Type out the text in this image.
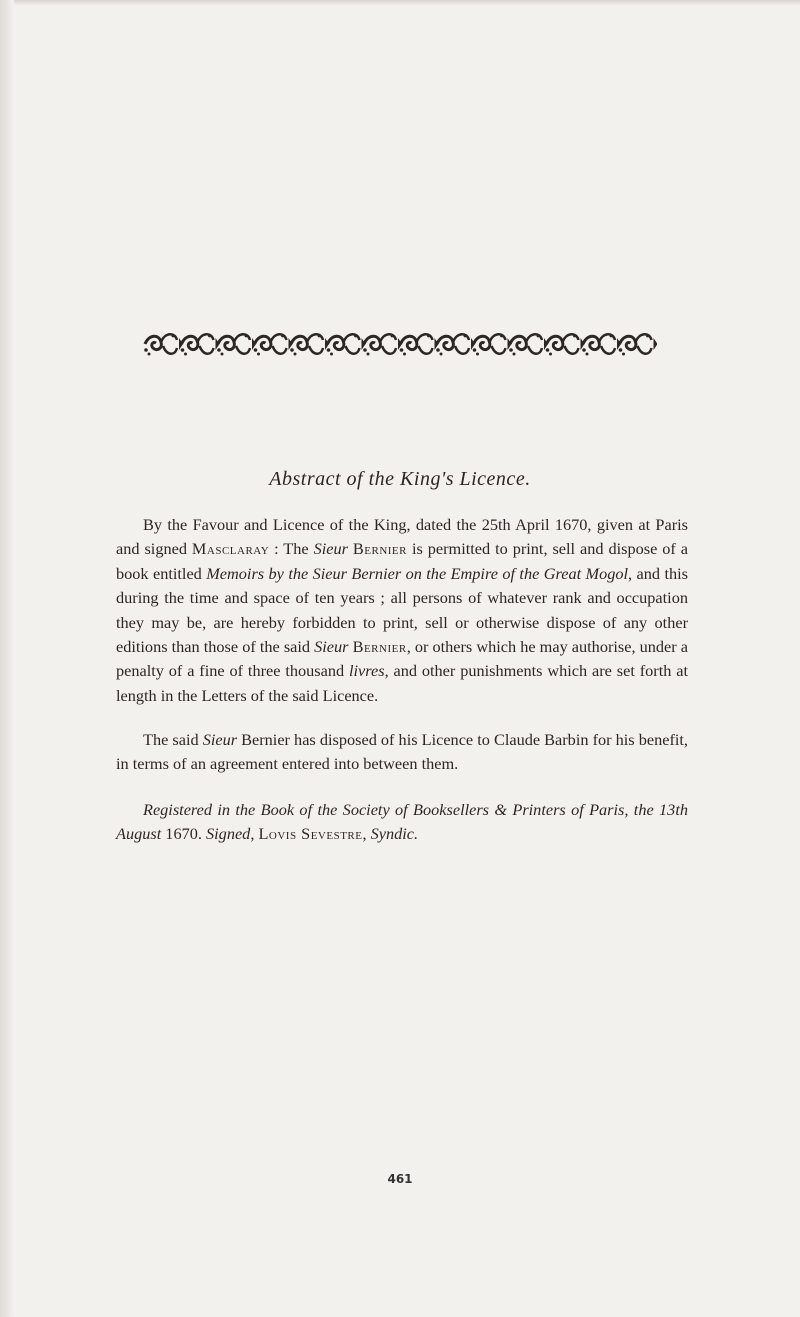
Abstract of the King's Licence.

By the Favour and Licence of the King, dated the 25th April 1670, given at Paris and signed Masclaray : The Sieur Bernier is permitted to print, sell and dispose of a book entitled Memoirs by the Sieur Bernier on the Empire of the Great Mogol, and this during the time and space of ten years ; all persons of whatever rank and occupation they may be, are hereby forbidden to print, sell or otherwise dispose of any other editions than those of the said Sieur Bernier, or others which he may authorise, under a penalty of a fine of three thousand livres, and other punishments which are set forth at length in the Letters of the said Licence.

The said Sieur Bernier has disposed of his Licence to Claude Barbin for his benefit, in terms of an agreement entered into between them.

Registered in the Book of the Society of Booksellers & Printers of Paris, the 13th August 1670. Signed, Lovis Sevestre, Syndic.

461
